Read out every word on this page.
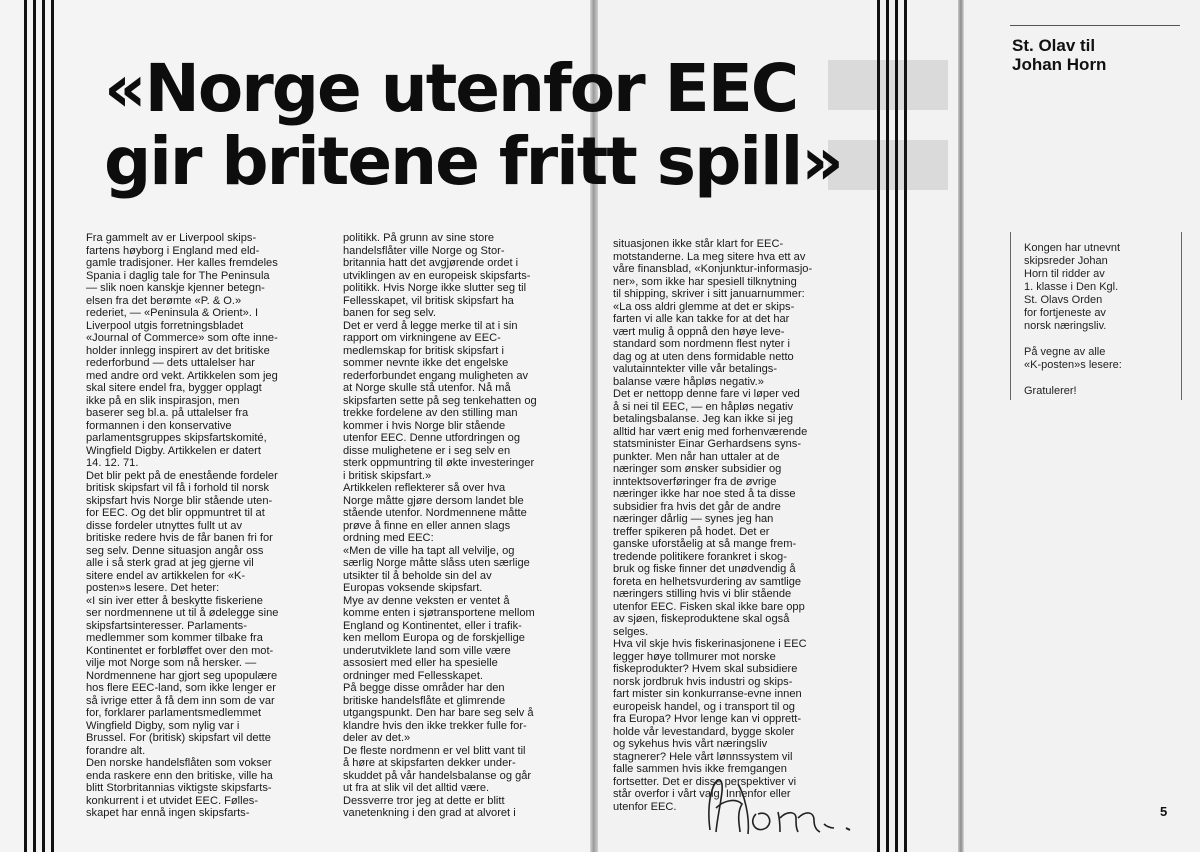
«Norge utenfor EEC
gir britene fritt spill»
Fra gammelt av er Liverpool skips-
fartens høyborg i England med eld-
gamle tradisjoner. Her kalles fremdeles
Spania i daglig tale for The Peninsula
— slik noen kanskje kjenner betegn-
elsen fra det berømte «P. & O.»
rederiet, — «Peninsula & Orient». I
Liverpool utgis forretningsbladet
«Journal of Commerce» som ofte inne-
holder innlegg inspirert av det britiske
rederforbund — dets uttalelser har
med andre ord vekt. Artikkelen som jeg
skal sitere endel fra, bygger opplagt
ikke på en slik inspirasjon, men
baserer seg bl.a. på uttalelser fra
formannen i den konservative
parlamentsgruppes skipsfartskomité,
Wingfield Digby. Artikkelen er datert
14. 12. 71.
Det blir pekt på de enestående fordeler
britisk skipsfart vil få i forhold til norsk
skipsfart hvis Norge blir stående uten-
for EEC. Og det blir oppmuntret til at
disse fordeler utnyttes fullt ut av
britiske redere hvis de får banen fri for
seg selv. Denne situasjon angår oss
alle i så sterk grad at jeg gjerne vil
sitere endel av artikkelen for «K-
posten»s lesere. Det heter:
«I sin iver etter å beskytte fiskeriene
ser nordmennene ut til å ødelegge sine
skipsfartsinteresser. Parlaments-
medlemmer som kommer tilbake fra
Kontinentet er forbløffet over den mot-
vilje mot Norge som nå hersker. —
Nordmennene har gjort seg upopulære
hos flere EEC-land, som ikke lenger er
så ivrige etter å få dem inn som de var
for, forklarer parlamentsmedlemmet
Wingfield Digby, som nylig var i
Brussel. For (britisk) skipsfart vil dette
forandre alt.
Den norske handelsflåten som vokser
enda raskere enn den britiske, ville ha
blitt Storbritannias viktigste skipsfarts-
konkurrent i et utvidet EEC. Følles-
skapet har ennå ingen skipsfarts-
politikk. På grunn av sine store
handelsflåter ville Norge og Stor-
britannia hatt det avgjørende ordet i
utviklingen av en europeisk skipsfarts-
politikk. Hvis Norge ikke slutter seg til
Fellesskapet, vil britisk skipsfart ha
banen for seg selv.
Det er verd å legge merke til at i sin
rapport om virkningene av EEC-
medlemskap for britisk skipsfart i
sommer nevnte ikke det engelske
rederforbundet engang muligheten av
at Norge skulle stå utenfor. Nå må
skipsfarten sette på seg tenkehatten og
trekke fordelene av den stilling man
kommer i hvis Norge blir stående
utenfor EEC. Denne utfordringen og
disse mulighetene er i seg selv en
sterk oppmuntring til økte investeringer
i britisk skipsfart.»
Artikkelen reflekterer så over hva
Norge måtte gjøre dersom landet ble
stående utenfor. Nordmennene måtte
prøve å finne en eller annen slags
ordning med EEC:
«Men de ville ha tapt all velvilje, og
særlig Norge måtte slåss uten særlige
utsikter til å beholde sin del av
Europas voksende skipsfart.
Mye av denne veksten er ventet å
komme enten i sjøtransportene mellom
England og Kontinentet, eller i trafik-
ken mellom Europa og de forskjellige
underutviklete land som ville være
assosiert med eller ha spesielle
ordninger med Fellesskapet.
På begge disse områder har den
britiske handelsflåte et glimrende
utgangspunkt. Den har bare seg selv å
klandre hvis den ikke trekker fulle for-
deler av det.»
De fleste nordmenn er vel blitt vant til
å høre at skipsfarten dekker under-
skuddet på vår handelsbalanse og går
ut fra at slik vil det alltid være.
Dessverre tror jeg at dette er blitt
vanetenkning i den grad at alvoret i
situasjonen ikke står klart for EEC-
motstanderne. La meg sitere hva ett av
våre finansblad, «Konjunktur-informasjo-
ner», som ikke har spesiell tilknytning
til shipping, skriver i sitt januarnummer:
«La oss aldri glemme at det er skips-
farten vi alle kan takke for at det har
vært mulig å oppnå den høye leve-
standard som nordmenn flest nyter i
dag og at uten dens formidable netto
valutainntekter ville vår betalings-
balanse være håpløs negativ.»
Det er nettopp denne fare vi løper ved
å si nei til EEC, — en håpløs negativ
betalingsbalanse. Jeg kan ikke si jeg
alltid har vært enig med forhenværende
statsminister Einar Gerhardsens syns-
punkter. Men når han uttaler at de
næringer som ønsker subsidier og
inntektsoverføringer fra de øvrige
næringer ikke har noe sted å ta disse
subsidier fra hvis det går de andre
næringer dårlig — synes jeg han
treffer spikeren på hodet. Det er
ganske uforståelig at så mange frem-
tredende politikere forankret i skog-
bruk og fiske finner det unødvendig å
foreta en helhetsvurdering av samtlige
næringers stilling hvis vi blir stående
utenfor EEC. Fisken skal ikke bare opp
av sjøen, fiskeproduktene skal også
selges.
Hva vil skje hvis fiskerinasjonene i EEC
legger høye tollmurer mot norske
fiskeprodukter? Hvem skal subsidiere
norsk jordbruk hvis industri og skips-
fart mister sin konkurranse-evne innen
europeisk handel, og i transport til og
fra Europa? Hvor lenge kan vi opprett-
holde vår levestandard, bygge skoler
og sykehus hvis vårt næringsliv
stagnerer? Hele vårt lønnssystem vil
falle sammen hvis ikke fremgangen
fortsetter. Det er disse perspektiver vi
står overfor i vårt valg. Innenfor eller
utenfor EEC.
St. Olav til
Johan Horn
Kongen har utnevnt
skipsreder Johan
Horn til ridder av
1. klasse i Den Kgl.
St. Olavs Orden
for fortjeneste av
norsk næringsliv.

På vegne av alle
«K-posten»s lesere:

Gratulerer!
5
